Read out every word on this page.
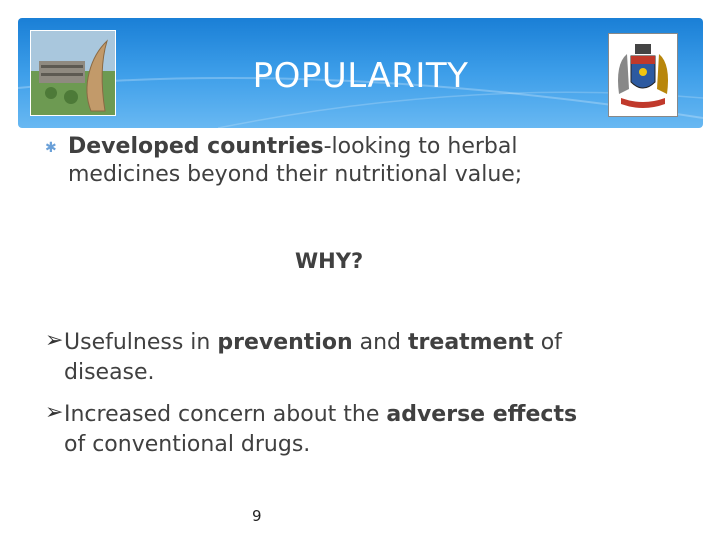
POPULARITY
✱ Developed countries-looking to herbal
medicines beyond their nutritional value;
WHY?
➢ Usefulness in prevention and treatment of
disease.
➢ Increased concern about the adverse effects
of conventional drugs.
9
